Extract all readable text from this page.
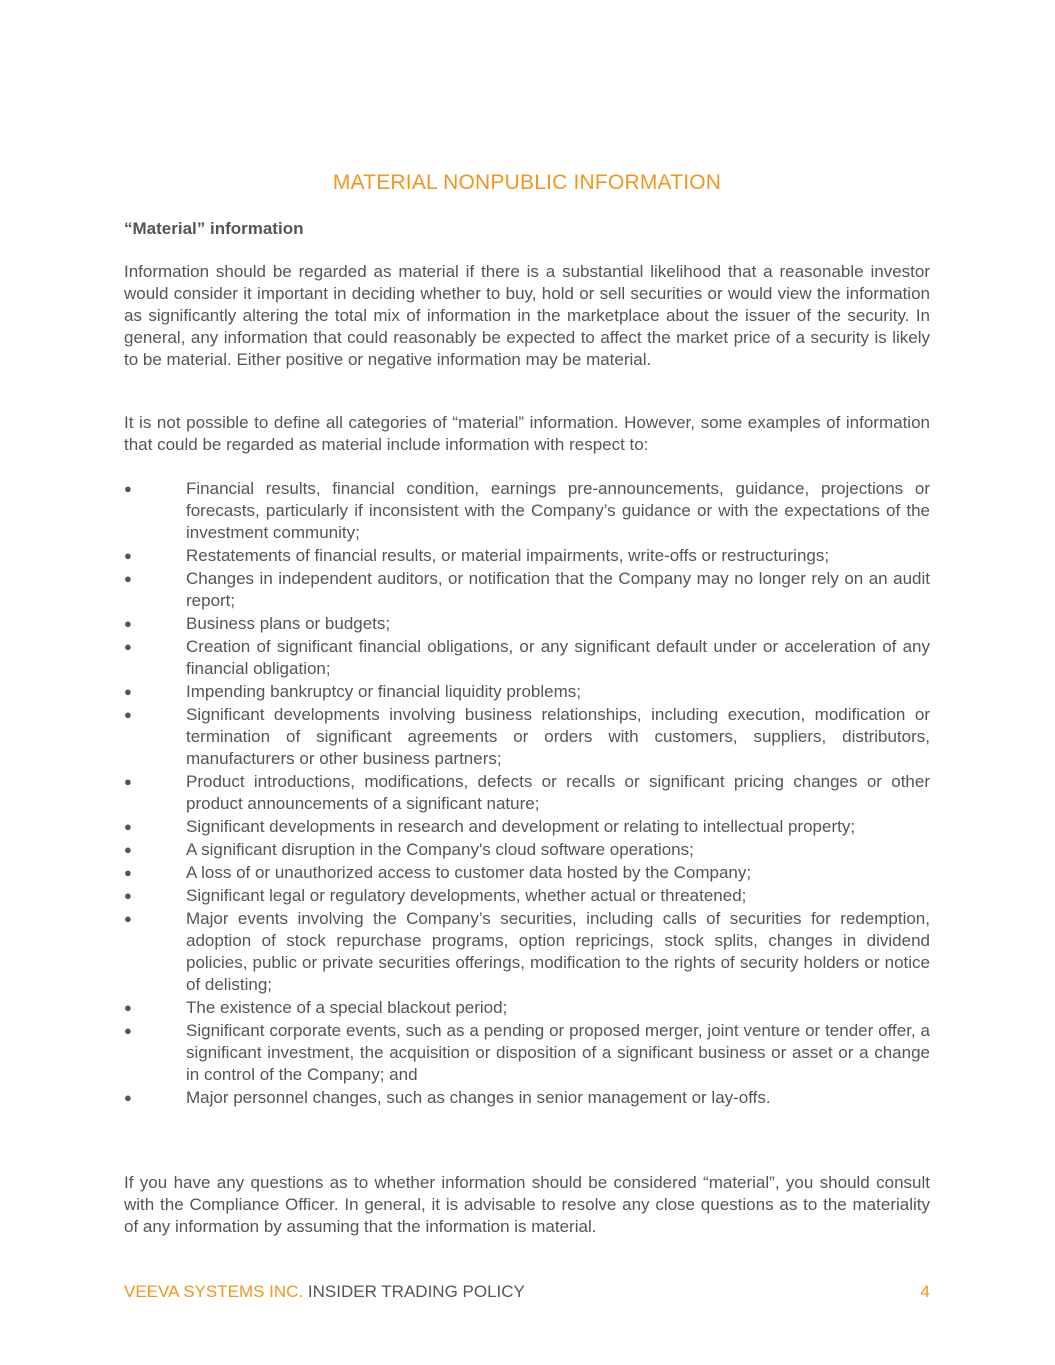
MATERIAL NONPUBLIC INFORMATION
“Material” information

Information should be regarded as material if there is a substantial likelihood that a reasonable investor would consider it important in deciding whether to buy, hold or sell securities or would view the information as significantly altering the total mix of information in the marketplace about the issuer of the security. In general, any information that could reasonably be expected to affect the market price of a security is likely to be material. Either positive or negative information may be material.

It is not possible to define all categories of “material” information. However, some examples of information that could be regarded as material include information with respect to:

●	Financial results, financial condition, earnings pre-announcements, guidance, projections or forecasts, particularly if inconsistent with the Company’s guidance or with the expectations of the investment community;
●	Restatements of financial results, or material impairments, write-offs or restructurings;
●	Changes in independent auditors, or notification that the Company may no longer rely on an audit report;
●	Business plans or budgets;
●	Creation of significant financial obligations, or any significant default under or acceleration of any financial obligation;
●	Impending bankruptcy or financial liquidity problems;
●	Significant developments involving business relationships, including execution, modification or termination of significant agreements or orders with customers, suppliers, distributors, manufacturers or other business partners;
●	Product introductions, modifications, defects or recalls or significant pricing changes or other product announcements of a significant nature;
●	Significant developments in research and development or relating to intellectual property;
●	A significant disruption in the Company's cloud software operations;
●	A loss of or unauthorized access to customer data hosted by the Company;
●	Significant legal or regulatory developments, whether actual or threatened;
●	Major events involving the Company’s securities, including calls of securities for redemption, adoption of stock repurchase programs, option repricings, stock splits, changes in dividend policies, public or private securities offerings, modification to the rights of security holders or notice of delisting;
●	The existence of a special blackout period;
●	Significant corporate events, such as a pending or proposed merger, joint venture or tender offer, a significant investment, the acquisition or disposition of a significant business or asset or a change in control of the Company; and
●	Major personnel changes, such as changes in senior management or lay-offs.

If you have any questions as to whether information should be considered “material”, you should consult with the Compliance Officer. In general, it is advisable to resolve any close questions as to the materiality of any information by assuming that the information is material.

VEEVA SYSTEMS INC. INSIDER TRADING POLICY	4
